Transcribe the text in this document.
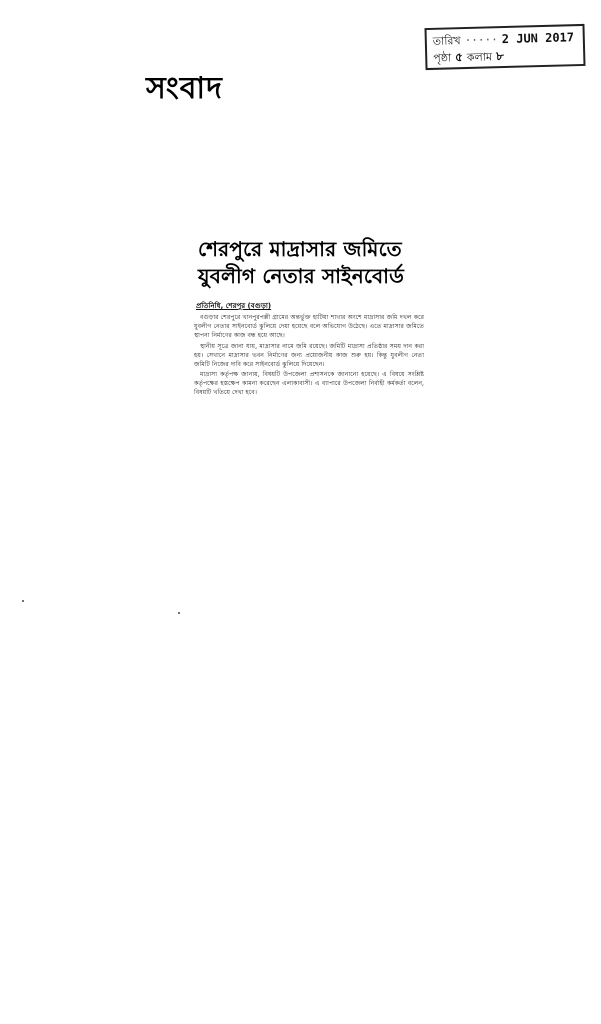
সংবাদ
তারিখ ····· 2 JUN 2017
পৃষ্ঠা ৫ কলাম ৮
শেরপুরে মাদ্রাসার জমিতে
যুবলীগ নেতার সাইনবোর্ড
প্রতিনিধি, শেরপুর (বগুড়া)

বগুড়ার শেরপুরে খানপুরপল্লী গ্রামের অন্তর্ভুক্ত হাটিয়া শাখার অংশে মাদ্রাসার জমি দখল করে যুবলীগ নেতার সাইনবোর্ড ঝুলিয়ে দেয়া হয়েছে বলে অভিযোগ উঠেছে। এতে মাদ্রাসার জমিতে স্থাপনা নির্মাণের কাজ বন্ধ হয়ে আছে।

স্থানীয় সূত্রে জানা যায়, মাদ্রাসার নামে জমি রয়েছে। জমিটি মাদ্রাসা প্রতিষ্ঠার সময় দান করা হয়। সেখানে মাদ্রাসার ভবন নির্মাণের জন্য প্রয়োজনীয় কাজ শুরু হয়। কিন্তু যুবলীগ নেতা জমিটি নিজের দাবি করে সাইনবোর্ড ঝুলিয়ে দিয়েছেন।

মাদ্রাসা কর্তৃপক্ষ জানায়, বিষয়টি উপজেলা প্রশাসনকে জানানো হয়েছে। এ বিষয়ে সংশ্লিষ্ট কর্তৃপক্ষের হস্তক্ষেপ কামনা করেছেন এলাকাবাসী। এ ব্যাপারে উপজেলা নির্বাহী কর্মকর্তা বলেন, বিষয়টি খতিয়ে দেখা হবে।
